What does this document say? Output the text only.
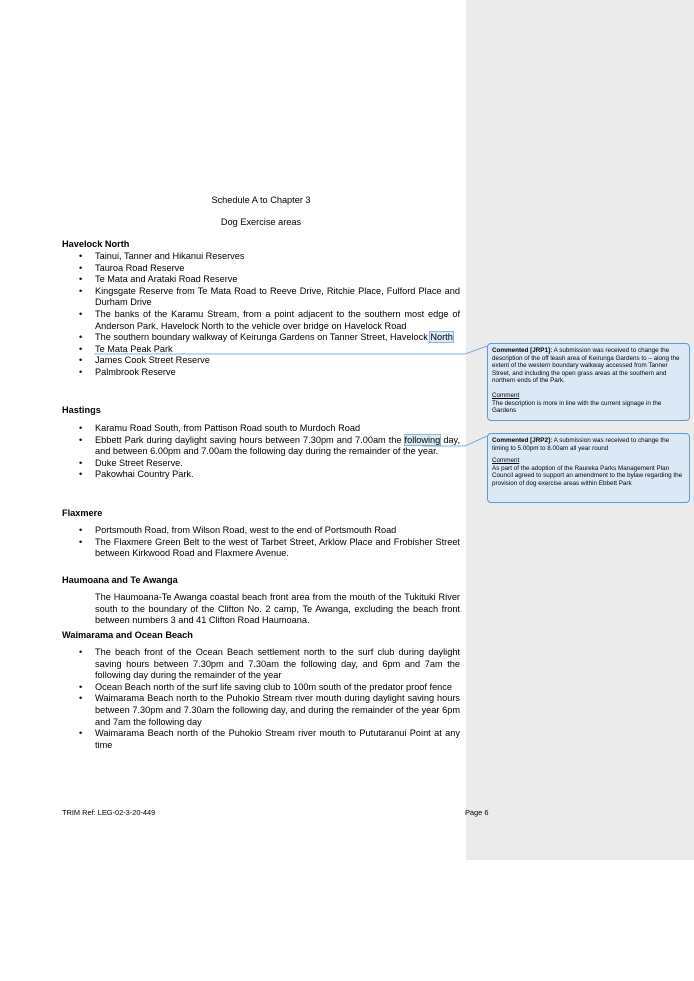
Schedule A to Chapter 3
Dog Exercise areas
Havelock North
• Tainui, Tanner and Hikanui Reserves
• Tauroa Road Reserve
• Te Mata and Arataki Road Reserve
• Kingsgate Reserve from Te Mata Road to Reeve Drive, Ritchie Place, Fulford Place and Durham Drive
• The banks of the Karamu Stream, from a point adjacent to the southern most edge of Anderson Park, Havelock North to the vehicle over bridge on Havelock Road
• The southern boundary walkway of Keirunga Gardens on Tanner Street, Havelock North
• Te Mata Peak Park
• James Cook Street Reserve
• Palmbrook Reserve
Hastings
• Karamu Road South, from Pattison Road south to Murdoch Road
• Ebbett Park during daylight saving hours between 7.30pm and 7.00am the following day, and between 6.00pm and 7.00am the following day during the remainder of the year.
• Duke Street Reserve.
• Pakowhai Country Park.
Flaxmere
• Portsmouth Road, from Wilson Road, west to the end of Portsmouth Road
• The Flaxmere Green Belt to the west of Tarbet Street, Arklow Place and Frobisher Street between Kirkwood Road and Flaxmere Avenue.
Haumoana and Te Awanga
The Haumoana-Te Awanga coastal beach front area from the mouth of the Tukituki River south to the boundary of the Clifton No. 2 camp, Te Awanga, excluding the beach front between numbers 3 and 41 Clifton Road Haumoana.
Waimarama and Ocean Beach
• The beach front of the Ocean Beach settlement north to the surf club during daylight saving hours between 7.30pm and 7.30am the following day, and 6pm and 7am the following day during the remainder of the year
• Ocean Beach north of the surf life saving club to 100m south of the predator proof fence
• Waimarama Beach north to the Puhokio Stream river mouth during daylight saving hours between 7.30pm and 7.30am the following day, and during the remainder of the year 6pm and 7am the following day
• Waimarama Beach north of the Puhokio Stream river mouth to Pututaranui Point at any time
TRIM Ref: LEG-02-3-20-449	Page 6
Commented [JRP1]: A submission was received to change the description of the off leash area of Keirunga Gardens to – along the extent of the western boundary walkway accessed from Tanner Street, and including the open grass areas at the southern and northern ends of the Park.
Comment
The description is more in line with the current signage in the Gardens
Commented [JRP2]: A submission was received to change the timing to 5.00pm to 8.00am all year round
Comment
As part of the adoption of the Raureka Parks Management Plan Council agreed to support an amendment to the bylaw regarding the provision of dog exercise areas within Ebbett Park
